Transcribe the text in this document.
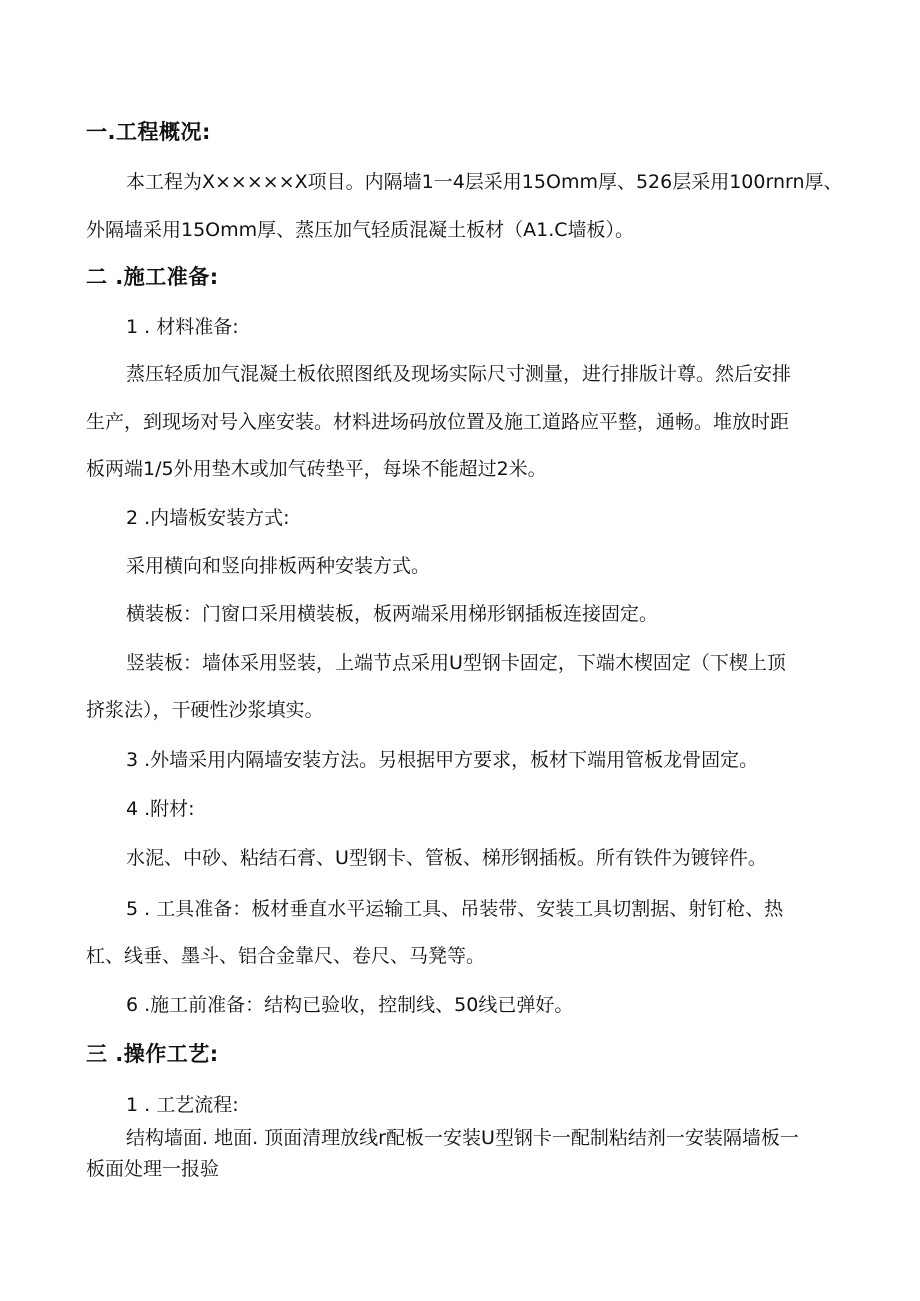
一.工程概况:
本工程为X×××××X项目。内隔墙1一4层采用15Omm厚、526层采用100rnrn厚、
外隔墙采用15Omm厚、蒸压加气轻质混凝土板材（A1.C墙板）。
二 .施工准备:
1 . 材料准备:
蒸压轻质加气混凝土板依照图纸及现场实际尺寸测量，进行排版计尊。然后安排
生产，到现场对号入座安装。材料进场码放位置及施工道路应平整，通畅。堆放时距
板两端1/5外用垫木或加气砖垫平，每垛不能超过2米。
2 .内墙板安装方式:
采用横向和竖向排板两种安装方式。
横装板：门窗口采用横装板，板两端采用梯形钢插板连接固定。
竖装板：墙体采用竖装，上端节点采用U型钢卡固定，下端木楔固定（下楔上顶
挤浆法），干硬性沙浆填实。
3 .外墙采用内隔墙安装方法。另根据甲方要求，板材下端用管板龙骨固定。
4 .附材:
水泥、中砂、粘结石膏、U型钢卡、管板、梯形钢插板。所有铁件为镀锌件。
5 . 工具准备：板材垂直水平运输工具、吊装带、安装工具切割据、射钉枪、热
杠、线垂、墨斗、铝合金靠尺、卷尺、马凳等。
6 .施工前准备：结构已验收，控制线、50线已弹好。
三 .操作工艺:
1 . 工艺流程:
结构墙面. 地面. 顶面清理放线r配板一安装U型钢卡一配制粘结剂一安装隔墙板一
板面处理一报验
